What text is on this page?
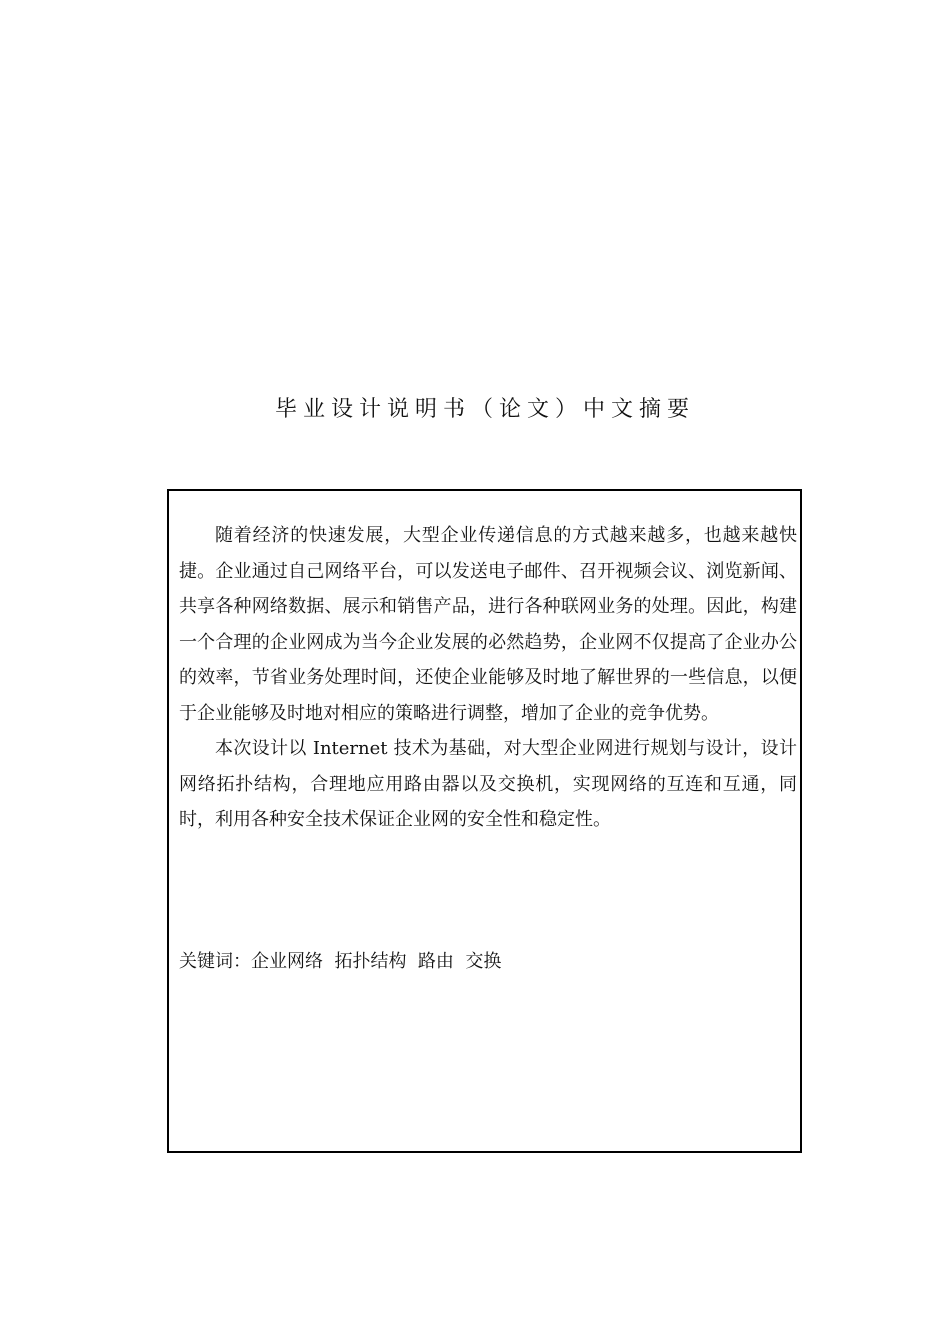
毕业设计说明书（论文）中文摘要

随着经济的快速发展，大型企业传递信息的方式越来越多，也越来越快捷。企业通过自己网络平台，可以发送电子邮件、召开视频会议、浏览新闻、共享各种网络数据、展示和销售产品，进行各种联网业务的处理。因此，构建一个合理的企业网成为当今企业发展的必然趋势，企业网不仅提高了企业办公的效率，节省业务处理时间，还使企业能够及时地了解世界的一些信息，以便于企业能够及时地对相应的策略进行调整，增加了企业的竞争优势。

本次设计以 Internet 技术为基础，对大型企业网进行规划与设计，设计网络拓扑结构，合理地应用路由器以及交换机，实现网络的互连和互通，同时，利用各种安全技术保证企业网的安全性和稳定性。

关键词：企业网络  拓扑结构  路由  交换
